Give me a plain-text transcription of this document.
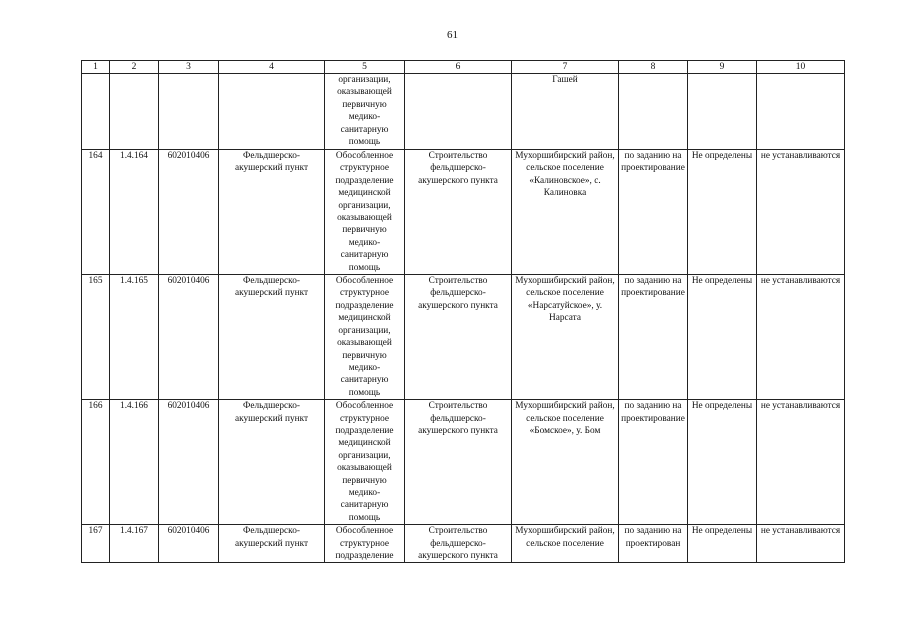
61
1	2	3	4	5	6	7	8	9	10
				организации, оказывающей первичную медико-санитарную помощь		Гашей			
164	1.4.164	602010406	Фельдшерско-акушерский пункт	Обособленное структурное подразделение медицинской организации, оказывающей первичную медико-санитарную помощь	Строительство фельдшерско-акушерского пункта	Мухоршибирский район, сельское поселение «Калиновское», с. Калиновка	по заданию на проектирование	Не определены	не устанавливаются
165	1.4.165	602010406	Фельдшерско-акушерский пункт	Обособленное структурное подразделение медицинской организации, оказывающей первичную медико-санитарную помощь	Строительство фельдшерско-акушерского пункта	Мухоршибирский район, сельское поселение «Нарсатуйское», у. Нарсата	по заданию на проектирование	Не определены	не устанавливаются
166	1.4.166	602010406	Фельдшерско-акушерский пункт	Обособленное структурное подразделение медицинской организации, оказывающей первичную медико-санитарную помощь	Строительство фельдшерско-акушерского пункта	Мухоршибирский район, сельское поселение «Бомское», у. Бом	по заданию на проектирование	Не определены	не устанавливаются
167	1.4.167	602010406	Фельдшерско-акушерский пункт	Обособленное структурное подразделение	Строительство фельдшерско-акушерского пункта	Мухоршибирский район, сельское поселение	по заданию на проектирован	Не определены	не устанавливаются
